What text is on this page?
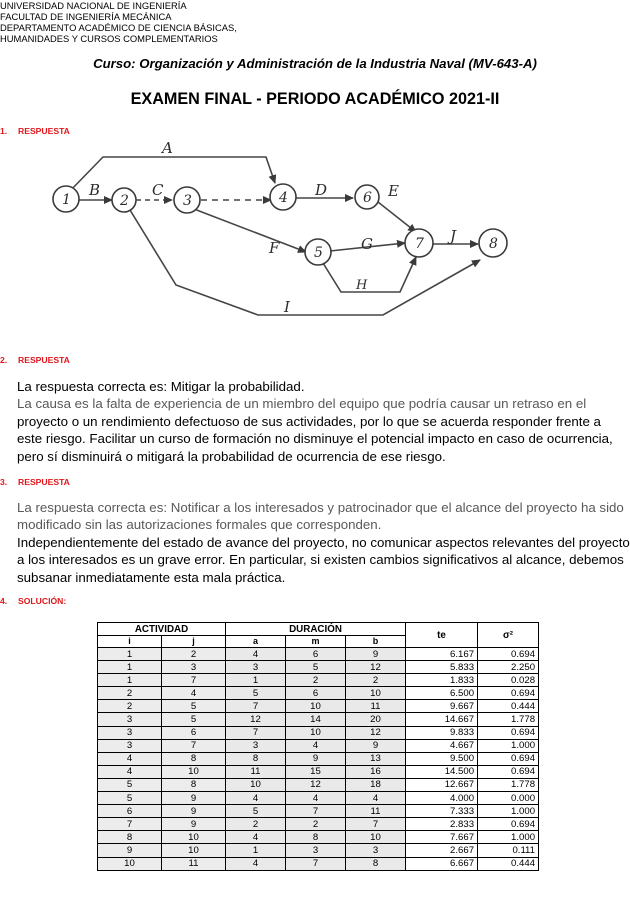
UNIVERSIDAD NACIONAL DE INGENIERÍA
FACULTAD DE INGENIERÍA MECÁNICA
DEPARTAMENTO ACADÉMICO DE CIENCIA BÁSICAS,
HUMANIDADES Y CURSOS COMPLEMENTARIOS
Curso: Organización y Administración de la Industria Naval (MV-643-A)
EXAMEN FINAL - PERIODO ACADÉMICO 2021-II
1. RESPUESTA
1	2	3	4
5
6
7	8
A
B	C	D	E
F	G
H
I
J
2. RESPUESTA
La respuesta correcta es: Mitigar la probabilidad.
La causa es la falta de experiencia de un miembro del equipo que podría causar un retraso en el
proyecto o un rendimiento defectuoso de sus actividades, por lo que se acuerda responder frente a
este riesgo. Facilitar un curso de formación no disminuye el potencial impacto en caso de ocurrencia,
pero sí disminuirá o mitigará la probabilidad de ocurrencia de ese riesgo.
3. RESPUESTA
La respuesta correcta es: Notificar a los interesados y patrocinador que el alcance del proyecto ha sido
modificado sin las autorizaciones formales que corresponden.
Independientemente del estado de avance del proyecto, no comunicar aspectos relevantes del proyecto
a los interesados es un grave error. En particular, si existen cambios significativos al alcance, debemos
subsanar inmediatamente esta mala práctica.
4. SOLUCIÓN:
ACTIVIDAD		DURACIÓN			te	σ²
i	j	a	m	b		
1	2	4	6	9	6.167	0.694
1	3	3	5	12	5.833	2.250
1	7	1	2	2	1.833	0.028
2	4	5	6	10	6.500	0.694
2	5	7	10	11	9.667	0.444
3	5	12	14	20	14.667	1.778
3	6	7	10	12	9.833	0.694
3	7	3	4	9	4.667	1.000
4	8	8	9	13	9.500	0.694
4	10	11	15	16	14.500	0.694
5	8	10	12	18	12.667	1.778
5	9	4	4	4	4.000	0.000
6	9	5	7	11	7.333	1.000
7	9	2	2	7	2.833	0.694
8	10	4	8	10	7.667	1.000
9	10	1	3	3	2.667	0.111
10	11	4	7	8	6.667	0.444
